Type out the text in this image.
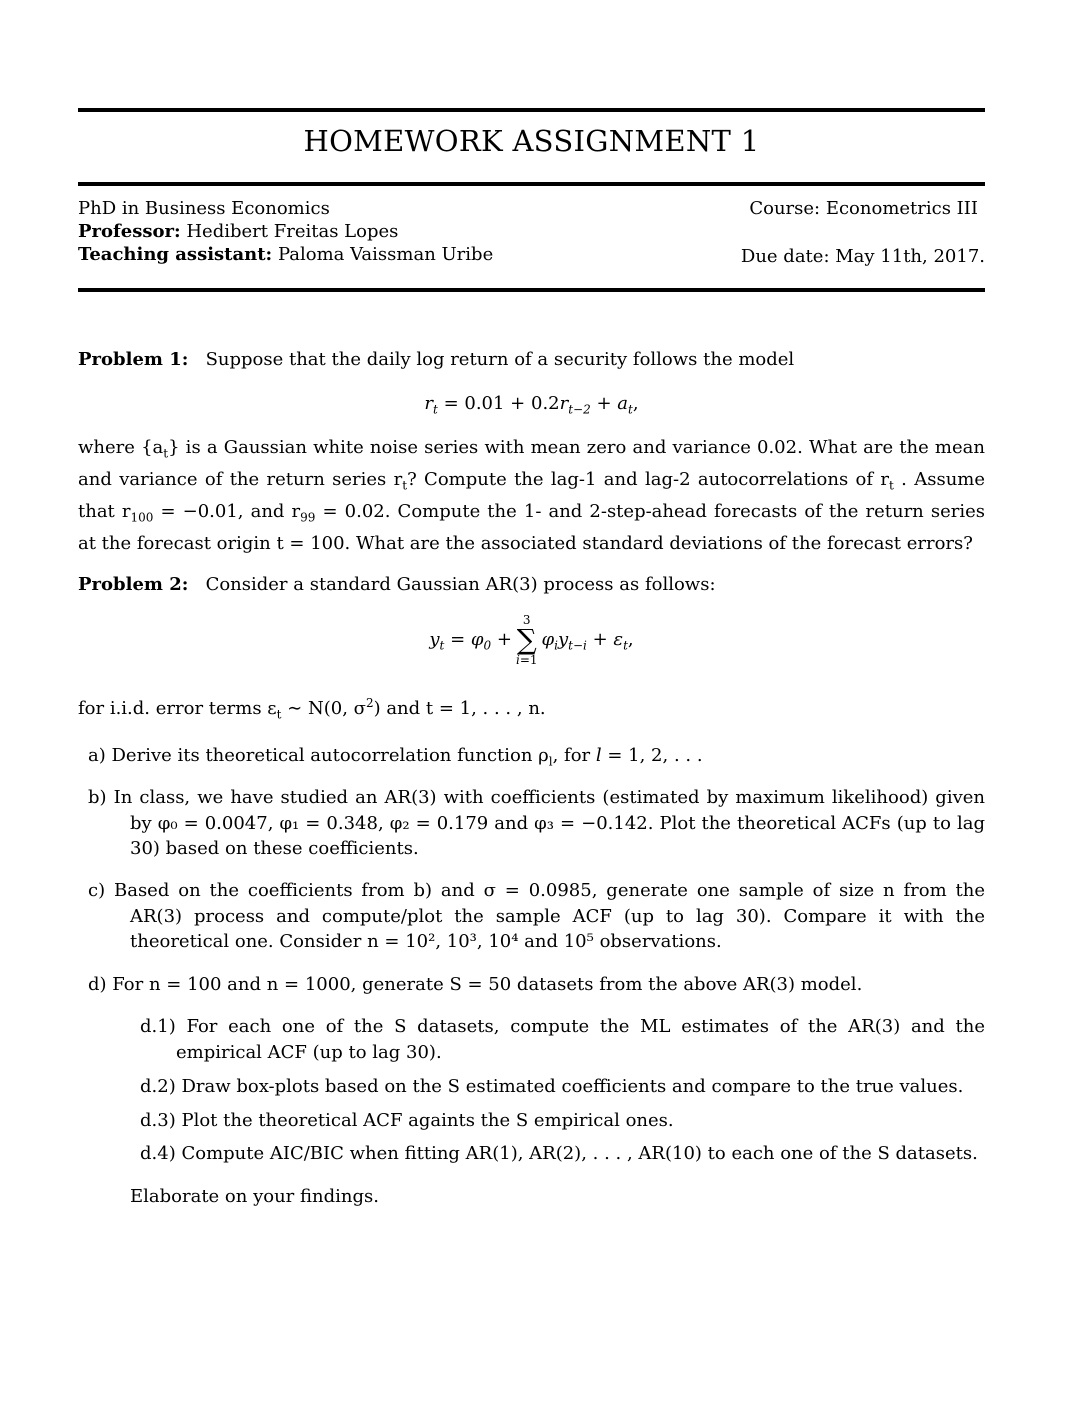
HOMEWORK ASSIGNMENT 1
PhD in Business Economics
Professor: Hedibert Freitas Lopes
Teaching assistant: Paloma Vaissman Uribe
Course: Econometrics III
Due date: May 11th, 2017.
Problem 1: Suppose that the daily log return of a security follows the model
$r_t = 0.01 + 0.2r_{t-2} + a_t$,
where $\{a_t\}$ is a Gaussian white noise series with mean zero and variance 0.02. What are the mean and variance of the return series $r_t$? Compute the lag-1 and lag-2 autocorrelations of $r_t$ . Assume that $r_{100} = -0.01$, and $r_{99} = 0.02$. Compute the 1- and 2-step-ahead forecasts of the return series at the forecast origin t = 100. What are the associated standard deviations of the forecast errors?
Problem 2: Consider a standard Gaussian AR(3) process as follows:
$y_t = \varphi_0$ +
3
∑
i=1
$\varphi_iy_{t-i} + \varepsilon_t$,
for i.i.d. error terms $\varepsilon_t$ ∼ N(0, $\sigma^2$) and t = 1, . . . , n.
a) Derive its theoretical autocorrelation function $\rho_l$, for l = 1, 2, . . .
b) In class, we have studied an AR(3) with coefficients (estimated by maximum likelihood) given by φ₀ = 0.0047, φ₁ = 0.348, φ₂ = 0.179 and φ₃ = −0.142. Plot the theoretical ACFs (up to lag 30) based on these coefficients.
c) Based on the coefficients from b) and σ = 0.0985, generate one sample of size n from the AR(3) process and compute/plot the sample ACF (up to lag 30). Compare it with the theoretical one. Consider n = 10², 10³, 10⁴ and 10⁵ observations.
d) For n = 100 and n = 1000, generate S = 50 datasets from the above AR(3) model.
d.1) For each one of the S datasets, compute the ML estimates of the AR(3) and the empirical ACF (up to lag 30).
d.2) Draw box-plots based on the S estimated coefficients and compare to the true values.
d.3) Plot the theoretical ACF againts the S empirical ones.
d.4) Compute AIC/BIC when fitting AR(1), AR(2), . . . , AR(10) to each one of the S datasets.
Elaborate on your findings.
